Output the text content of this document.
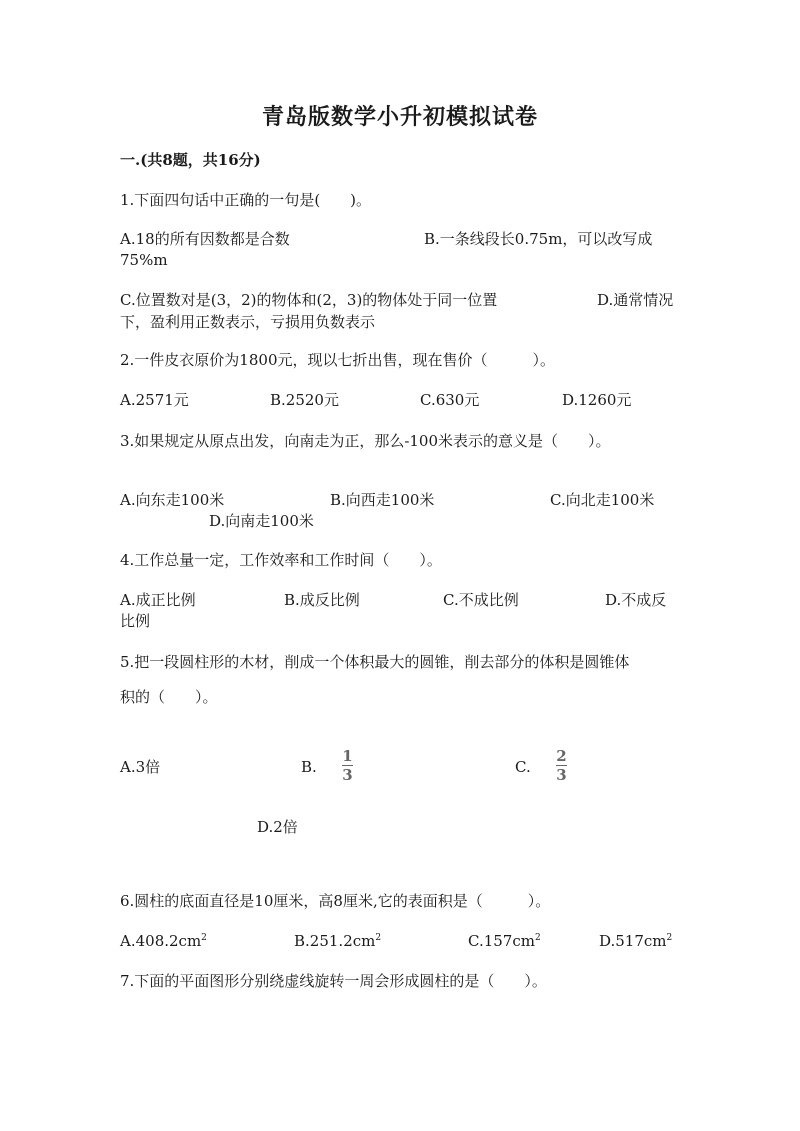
青岛版数学小升初模拟试卷
一.(共8题，共16分)
1.下面四句话中正确的一句是(　　)。
A.18的所有因数都是合数	B.一条线段长0.75m，可以改写成
75%m
C.位置数对是(3，2)的物体和(2，3)的物体处于同一位置	D.通常情况
下，盈利用正数表示，亏损用负数表示
2.一件皮衣原价为1800元，现以七折出售，现在售价（　　　）。
A.2571元	B.2520元	C.630元	D.1260元
3.如果规定从原点出发，向南走为正，那么-100米表示的意义是（　　）。
A.向东走100米	B.向西走100米	C.向北走100米
D.向南走100米
4.工作总量一定，工作效率和工作时间（　　）。
A.成正比例	B.成反比例	C.不成比例	D.不成反
比例
5.把一段圆柱形的木材，削成一个体积最大的圆锥，削去部分的体积是圆锥体
积的（　　）。
A.3倍	B.
1
3	C.
2
3
D.2倍
6.圆柱的底面直径是10厘米，高8厘米,它的表面积是（　　　）。
$A.408.2cm^2$	$B.251.2cm^2$	$C.157cm^2$	$D.517cm^2$
7.下面的平面图形分别绕虚线旋转一周会形成圆柱的是（　　）。
